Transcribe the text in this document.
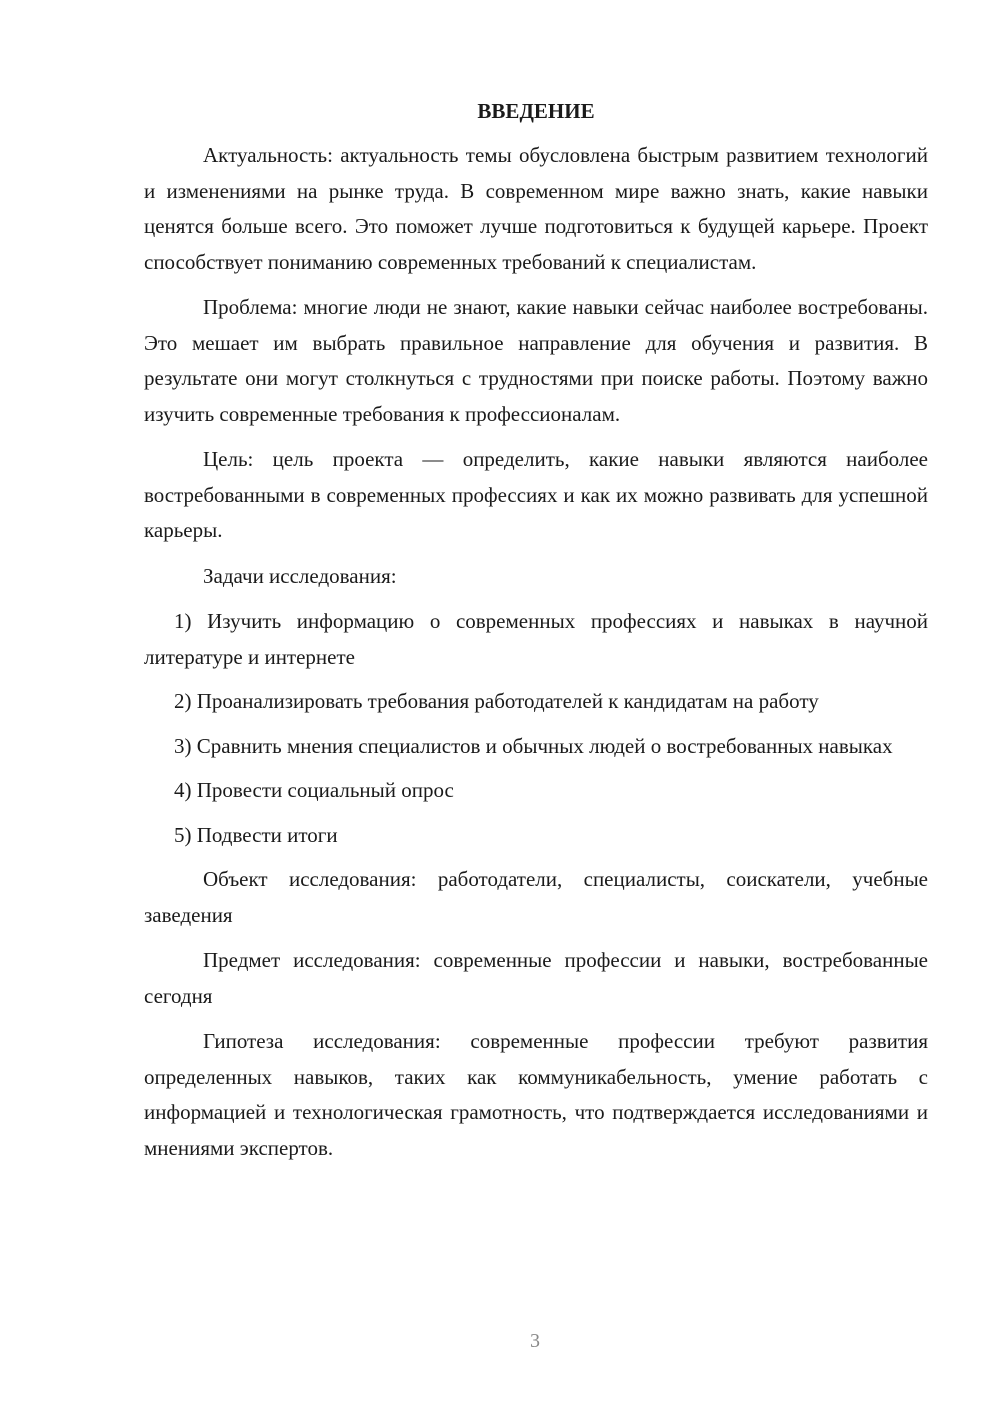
ВВЕДЕНИЕ

Актуальность: актуальность темы обусловлена быстрым развитием технологий и изменениями на рынке труда. В современном мире важно знать, какие навыки ценятся больше всего. Это поможет лучше подготовиться к будущей карьере. Проект способствует пониманию современных требований к специалистам.

Проблема: многие люди не знают, какие навыки сейчас наиболее востребованы. Это мешает им выбрать правильное направление для обучения и развития. В результате они могут столкнуться с трудностями при поиске работы. Поэтому важно изучить современные требования к профессионалам.

Цель: цель проекта — определить, какие навыки являются наиболее востребованными в современных профессиях и как их можно развивать для успешной карьеры.

Задачи исследования:

1) Изучить информацию о современных профессиях и навыках в научной литературе и интернете

2) Проанализировать требования работодателей к кандидатам на работу

3) Сравнить мнения специалистов и обычных людей о востребованных навыках

4) Провести социальный опрос

5) Подвести итоги

Объект исследования: работодатели, специалисты, соискатели, учебные заведения

Предмет исследования: современные профессии и навыки, востребованные сегодня

Гипотеза исследования: современные профессии требуют развития определенных навыков, таких как коммуникабельность, умение работать с информацией и технологическая грамотность, что подтверждается исследованиями и мнениями экспертов.

3
